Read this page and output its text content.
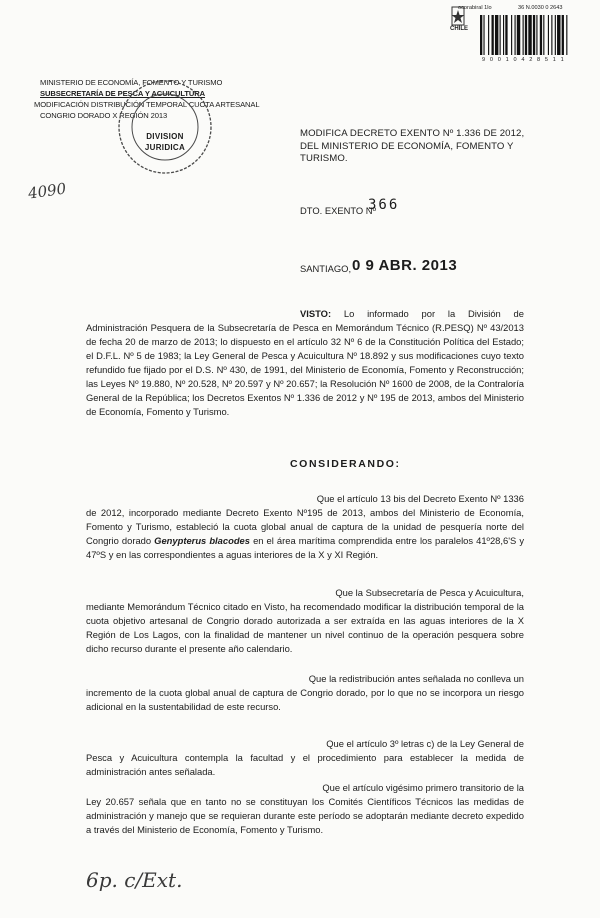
CHILE
ocorabiral 1lo	36 N.0030 0 2643
9 0 0 1 0 4 2 8 5 1 1
MINISTERIO DE ECONOMÍA, FOMENTO Y TURISMO
SUBSECRETARÍA DE PESCA Y ACUICULTURA
MODIFICACIÓN DISTRIBUCIÓN TEMPORAL CUOTA ARTESANAL
CONGRIO DORADO X REGIÓN 2013
DIVISION
JURIDICA
4090
MODIFICA DECRETO EXENTO Nº 1.336 DE 2012,
DEL MINISTERIO DE ECONOMÍA, FOMENTO Y
TURISMO.
DTO. EXENTO Nº
366
SANTIAGO, 0 9 ABR. 2013
VISTO: Lo informado por la División de Administración Pesquera de la Subsecretaría de Pesca en Memorándum Técnico (R.PESQ) Nº 43/2013 de fecha 20 de marzo de 2013; lo dispuesto en el artículo 32 Nº 6 de la Constitución Política del Estado; el D.F.L. Nº 5 de 1983; la Ley General de Pesca y Acuicultura Nº 18.892 y sus modificaciones cuyo texto refundido fue fijado por el D.S. Nº 430, de 1991, del Ministerio de Economía, Fomento y Reconstrucción; las Leyes Nº 19.880, Nº 20.528, Nº 20.597 y Nº 20.657; la Resolución Nº 1600 de 2008, de la Contraloría General de la República; los Decretos Exentos Nº 1.336 de 2012 y Nº 195 de 2013, ambos del Ministerio de Economía, Fomento y Turismo.
CONSIDERANDO:
Que el artículo 13 bis del Decreto Exento Nº 1336
de 2012, incorporado mediante Decreto Exento Nº195 de 2013, ambos del Ministerio de Economía, Fomento y Turismo, estableció la cuota global anual de captura de la unidad de pesquería norte del Congrio dorado Genypterus blacodes en el área marítima comprendida entre los paralelos 41º28,6'S y 47ºS y en las correspondientes a aguas interiores de la X y XI Región.
Que la Subsecretaría de Pesca y Acuicultura,
mediante Memorándum Técnico citado en Visto, ha recomendado modificar la distribución temporal de la cuota objetivo artesanal de Congrio dorado autorizada a ser extraída en las aguas interiores de la X Región de Los Lagos, con la finalidad de mantener un nivel continuo de la operación pesquera sobre dicho recurso durante el presente año calendario.
Que la redistribución antes señalada no conlleva un
incremento de la cuota global anual de captura de Congrio dorado, por lo que no se incorpora un riesgo adicional en la sustentabilidad de este recurso.
Que el artículo 3º letras c) de la Ley General de
Pesca y Acuicultura contempla la facultad y el procedimiento para establecer la medida de administración antes señalada.
Que el artículo vigésimo primero transitorio de la
Ley 20.657 señala que en tanto no se constituyan los Comités Científicos Técnicos las medidas de administración y manejo que se requieran durante este período se adoptarán mediante decreto expedido a través del Ministerio de Economía, Fomento y Turismo.
6p. c/Ext.
